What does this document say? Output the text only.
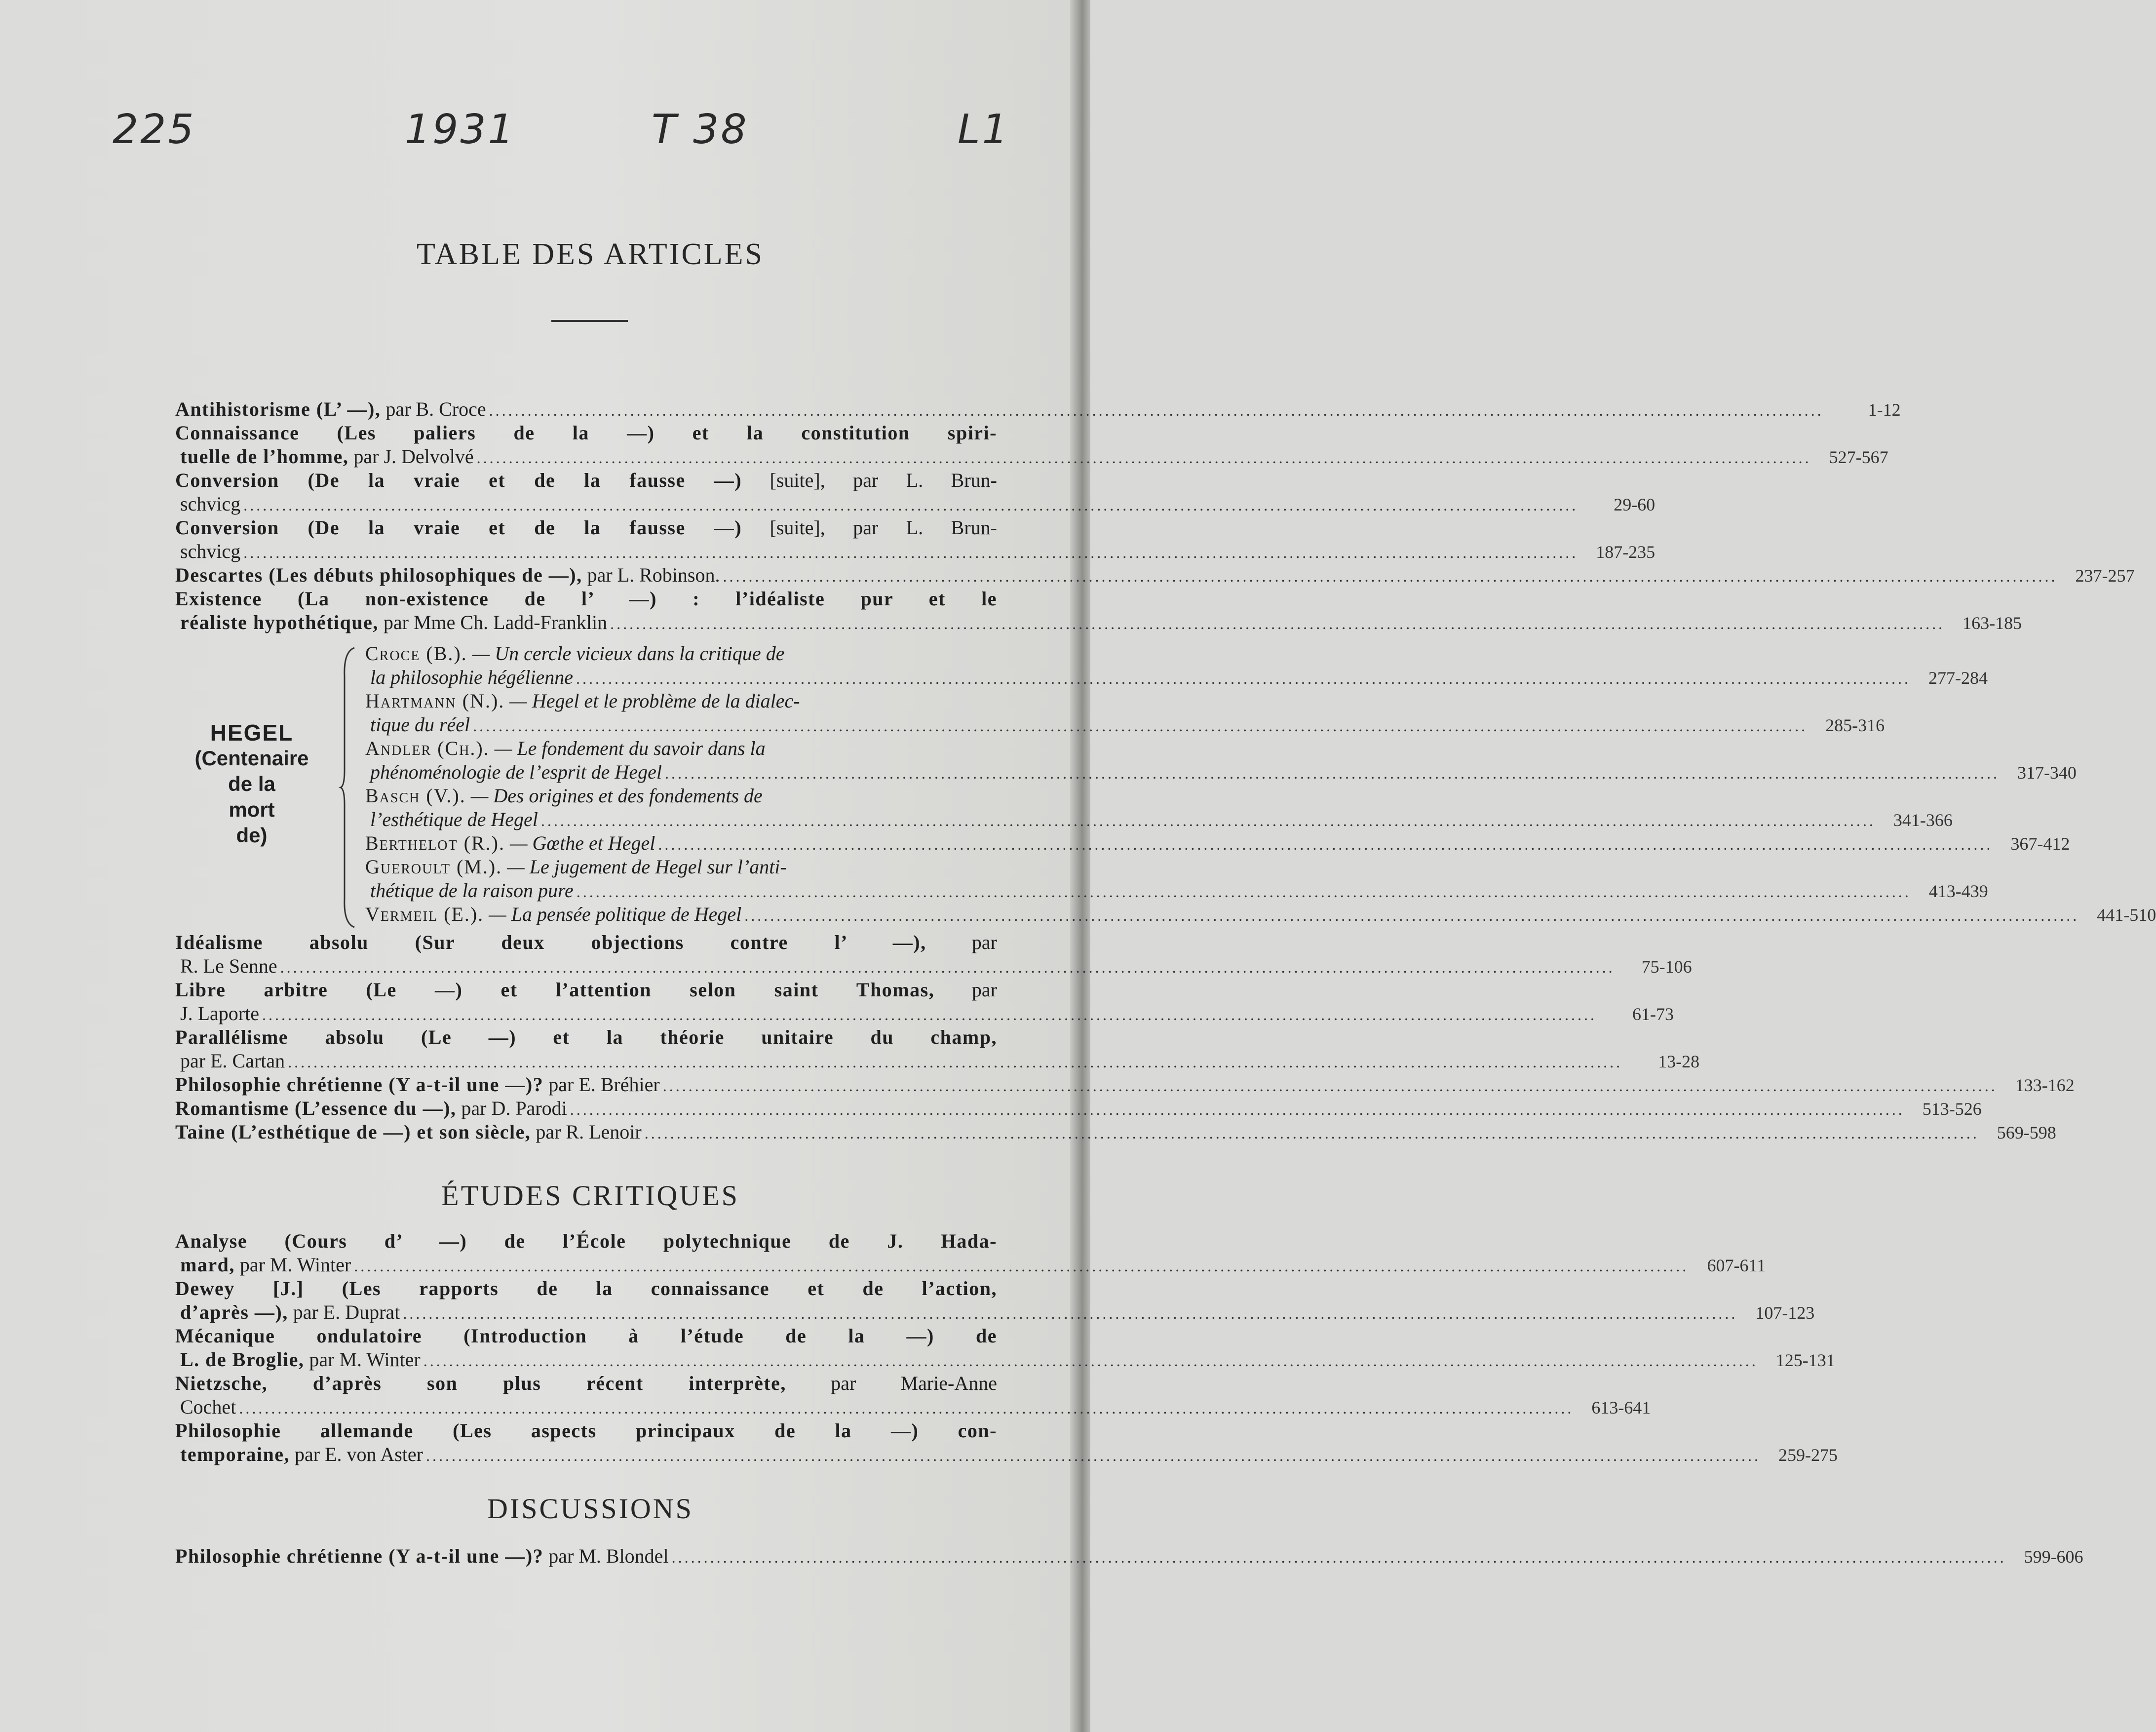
225	1931	T 38	L1
TABLE DES ARTICLES
Antihistorisme (L’ —), par B. Croce .....	1-12
Connaissance (Les paliers de la —) et la constitution spiri-
tuelle de l’homme, par J. Delvolvé .....	527-567
Conversion (De la vraie et de la fausse —) [suite], par L. Brun-
schvicg .....	29-60
Conversion (De la vraie et de la fausse —) [suite], par L. Brun-
schvicg .....	187-235
Descartes (Les débuts philosophiques de —), par L. Robinson. .....	237-257
Existence (La non-existence de l’ —) : l’idéaliste pur et le
réaliste hypothétique, par Mme Ch. Ladd-Franklin .....	163-185
HEGEL
(Centenaire
de la
mort
de)
Croce (B.). — Un cercle vicieux dans la critique de
la philosophie hégélienne .....	277-284
Hartmann (N.). — Hegel et le problème de la dialec-
tique du réel .....	285-316
Andler (Ch.). — Le fondement du savoir dans la
phénoménologie de l’esprit de Hegel .....	317-340
Basch (V.). — Des origines et des fondements de
l’esthétique de Hegel .....	341-366
Berthelot (R.). — Gœthe et Hegel .....	367-412
Gueroult (M.). — Le jugement de Hegel sur l’anti-
thétique de la raison pure .....	413-439
Vermeil (E.). — La pensée politique de Hegel .....	441-510
Idéalisme absolu (Sur deux objections contre l’ —), par
R. Le Senne .....	75-106
Libre arbitre (Le —) et l’attention selon saint Thomas, par
J. Laporte .....	61-73
Parallélisme absolu (Le —) et la théorie unitaire du champ,
par E. Cartan .....	13-28
Philosophie chrétienne (Y a-t-il une —)? par E. Bréhier .....	133-162
Romantisme (L’essence du —), par D. Parodi .....	513-526
Taine (L’esthétique de —) et son siècle, par R. Lenoir .....	569-598
ÉTUDES CRITIQUES
Analyse (Cours d’ —) de l’École polytechnique de J. Hada-
mard, par M. Winter .....	607-611
Dewey [J.] (Les rapports de la connaissance et de l’action,
d’après —), par E. Duprat .....	107-123
Mécanique ondulatoire (Introduction à l’étude de la —) de
L. de Broglie, par M. Winter .....	125-131
Nietzsche, d’après son plus récent interprète, par Marie-Anne
Cochet .....	613-641
Philosophie allemande (Les aspects principaux de la —) con-
temporaine, par E. von Aster .....	259-275
DISCUSSIONS
Philosophie chrétienne (Y a-t-il une —)? par M. Blondel .....	599-606
